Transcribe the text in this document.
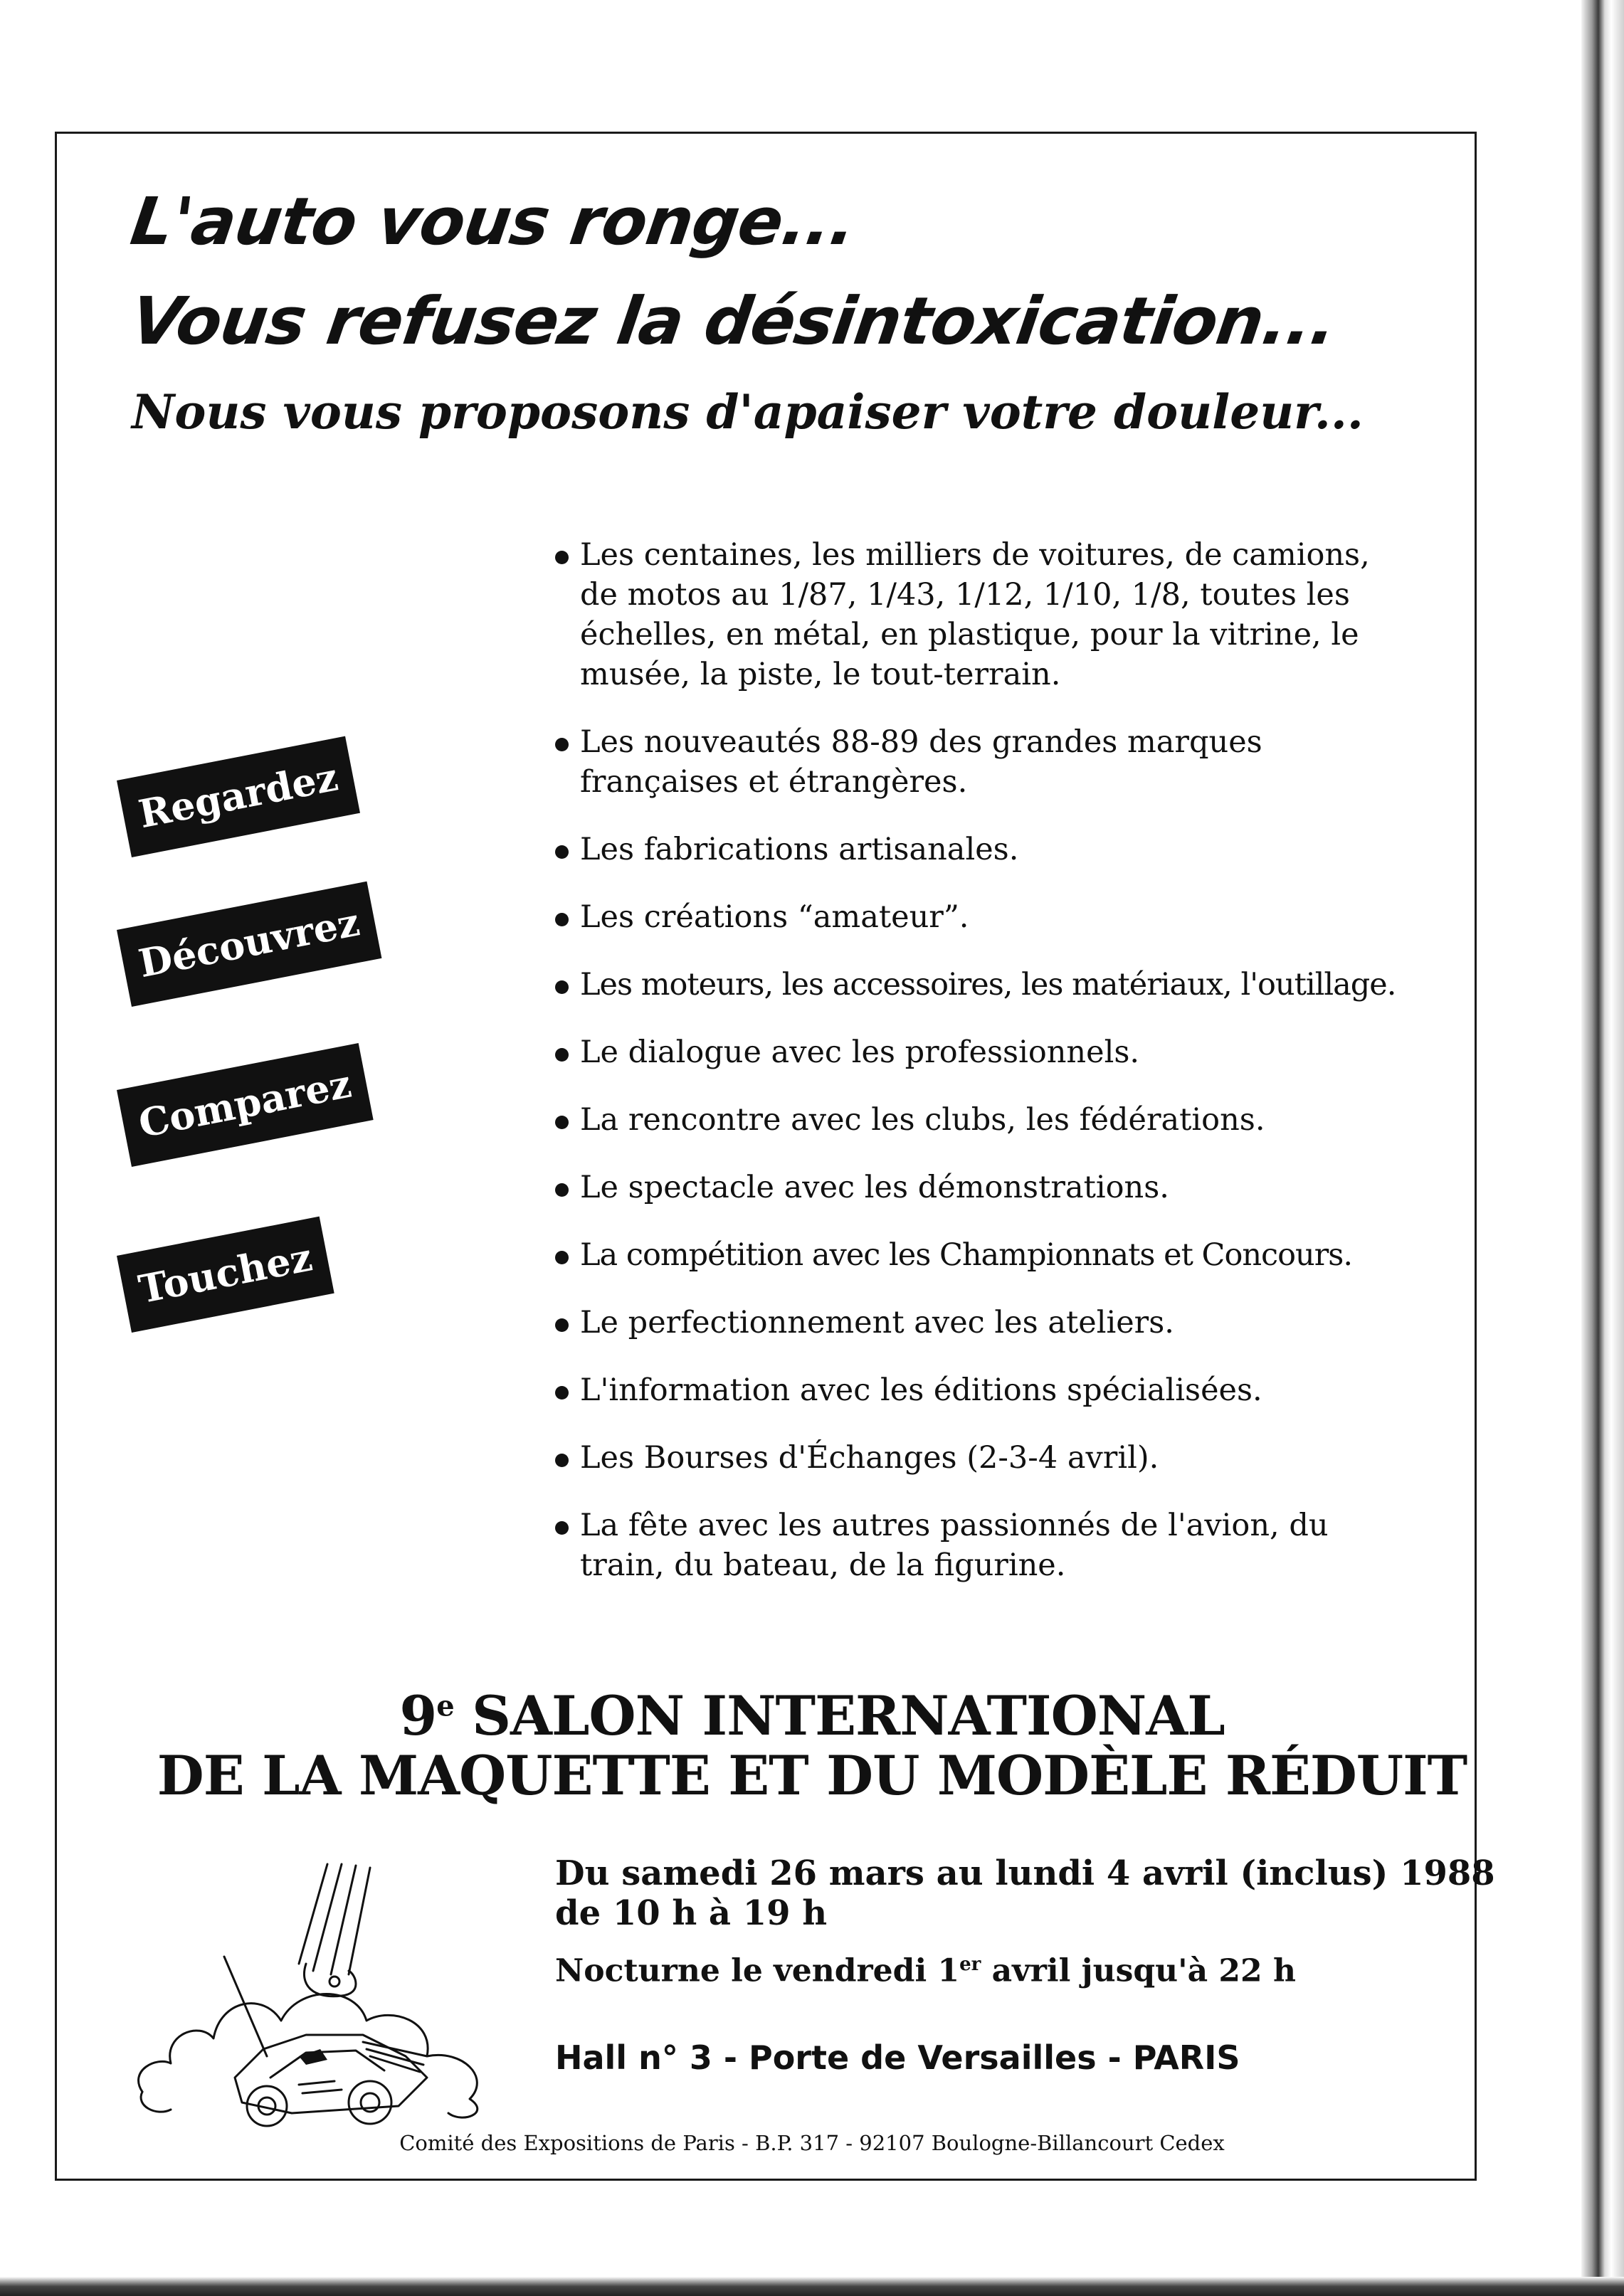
L'auto vous ronge...
Vous refusez la désintoxication...
Nous vous proposons d'apaiser votre douleur...
Regardez
Découvrez
Comparez
Touchez
Les centaines, les milliers de voitures, de camions, de motos au 1/87, 1/43, 1/12, 1/10, 1/8, toutes les échelles, en métal, en plastique, pour la vitrine, le musée, la piste, le tout-terrain.
Les nouveautés 88-89 des grandes marques françaises et étrangères.
Les fabrications artisanales.
Les créations “amateur”.
Les moteurs, les accessoires, les matériaux, l'outillage.
Le dialogue avec les professionnels.
La rencontre avec les clubs, les fédérations.
Le spectacle avec les démonstrations.
La compétition avec les Championnats et Concours.
Le perfectionnement avec les ateliers.
L'information avec les éditions spécialisées.
Les Bourses d'Échanges (2-3-4 avril).
La fête avec les autres passionnés de l'avion, du train, du bateau, de la figurine.
9e SALON INTERNATIONAL
DE LA MAQUETTE ET DU MODÈLE RÉDUIT
Du samedi 26 mars au lundi 4 avril (inclus) 1988
de 10 h à 19 h
Nocturne le vendredi 1er avril jusqu'à 22 h
Hall n° 3 - Porte de Versailles - PARIS
Comité des Expositions de Paris - B.P. 317 - 92107 Boulogne-Billancourt Cedex
